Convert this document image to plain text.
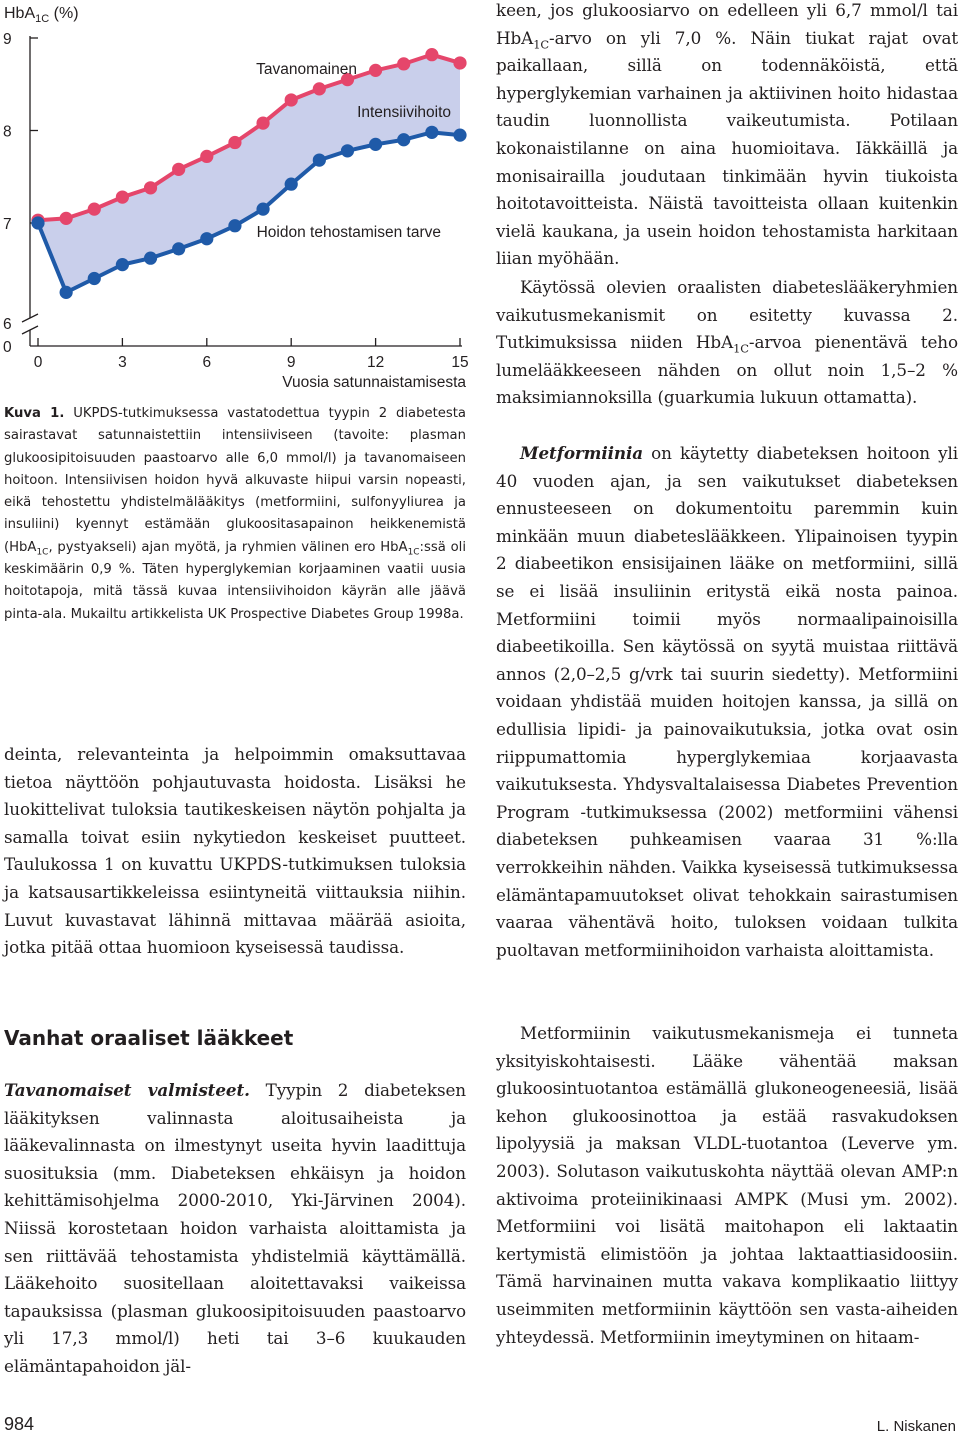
0	3	6	9	12	15
6
7
8
9
HbA$_{1C}$ (%)
0
Tavanomainen
Intensiivihoito
Hoidon tehostamisen tarve
Vuosia satunnaistamisesta

Kuva 1. UKPDS-tutkimuksessa vastatodettua tyypin 2 diabetesta sairastavat satunnaistettiin intensiiviseen (tavoite: plasman glukoosipitoisuuden paastoarvo alle 6,0 mmol/l) ja tavanomaiseen hoitoon. Intensiivisen hoidon hyvä alkuvaste hiipui varsin nopeasti, eikä tehostettu yhdistelmälääkitys (metformiini, sulfonyyliurea ja insuliini) kyennyt estämään glukoositasapainon heikkenemistä (HbA$_{1C}$, pystyakseli) ajan myötä, ja ryhmien välinen ero HbA$_{1C}$:ssä oli keskimäärin 0,9 %. Täten hyperglykemian korjaaminen vaatii uusia hoitotapoja, mitä tässä kuvaa intensiivihoidon käyrän alle jäävä pinta-ala. Mukailtu artikkelista UK Prospective Diabetes Group 1998a.

deinta, relevanteinta ja helpoimmin omaksuttavaa tietoa näyttöön pohjautuvasta hoidosta. Lisäksi he luokittelivat tuloksia tautikeskeisen näytön pohjalta ja samalla toivat esiin nykytiedon keskeiset puutteet. Taulukossa 1 on kuvattu UKPDS-tutkimuksen tuloksia ja katsausartikkeleissa esiintyneitä viittauksia niihin. Luvut kuvastavat lähinnä mittavaa määrää asioita, jotka pitää ottaa huomioon kyseisessä taudissa.

Vanhat oraaliset lääkkeet

Tavanomaiset valmisteet. Tyypin 2 diabeteksen lääkityksen valinnasta aloitusaiheista ja lääkevalinnasta on ilmestynyt useita hyvin laadittuja suosituksia (mm. Diabeteksen ehkäisyn ja hoidon kehittämisohjelma 2000-2010, Yki-Järvinen 2004). Niissä korostetaan hoidon varhaista aloittamista ja sen riittävää tehostamista yhdistelmiä käyttämällä. Lääkehoito suositellaan aloitettavaksi vaikeissa tapauksissa (plasman glukoosipitoisuuden paastoarvo yli 17,3 mmol/l) heti tai 3–6 kuukauden elämäntapahoidon jäl-

keen, jos glukoosiarvo on edelleen yli 6,7 mmol/l tai HbA$_{1C}$-arvo on yli 7,0 %. Näin tiukat rajat ovat paikallaan, sillä on todennäköistä, että hyperglykemian varhainen ja aktiivinen hoito hidastaa taudin luonnollista vaikeutumista. Potilaan kokonaistilanne on aina huomioitava. Iäkkäillä ja monisairailla joudutaan tinkimään hyvin tiukoista hoitotavoitteista. Näistä tavoitteista ollaan kuitenkin vielä kaukana, ja usein hoidon tehostamista harkitaan liian myöhään.

Käytössä olevien oraalisten diabeteslääkeryhmien vaikutusmekanismit on esitetty kuvassa 2. Tutkimuksissa niiden HbA$_{1C}$-arvoa pienentävä teho lumelääkkeeseen nähden on ollut noin 1,5–2 % maksimiannoksilla (guarkumia lukuun ottamatta).

Metformiinia on käytetty diabeteksen hoitoon yli 40 vuoden ajan, ja sen vaikutukset diabeteksen ennusteeseen on dokumentoitu paremmin kuin minkään muun diabeteslääkkeen. Ylipainoisen tyypin 2 diabeetikon ensisijainen lääke on metformiini, sillä se ei lisää insuliinin eritystä eikä nosta painoa. Metformiini toimii myös normaalipainoisilla diabeetikoilla. Sen käytössä on syytä muistaa riittävä annos (2,0–2,5 g/vrk tai suurin siedetty). Metformiini voidaan yhdistää muiden hoitojen kanssa, ja sillä on edullisia lipidi- ja painovaikutuksia, jotka ovat osin riippumattomia hyperglykemiaa korjaavasta vaikutuksesta. Yhdysvaltalaisessa Diabetes Prevention Program -tutkimuksessa (2002) metformiini vähensi diabeteksen puhkeamisen vaaraa 31 %:lla verrokkeihin nähden. Vaikka kyseisessä tutkimuksessa elämäntapamuutokset olivat tehokkain sairastumisen vaaraa vähentävä hoito, tuloksen voidaan tulkita puoltavan metformiinihoidon varhaista aloittamista.

Metformiinin vaikutusmekanismeja ei tunneta yksityiskohtaisesti. Lääke vähentää maksan glukoosintuotantoa estämällä glukoneogeneesiä, lisää kehon glukoosinottoa ja estää rasvakudoksen lipolyysiä ja maksan VLDL-tuotantoa (Leverve ym. 2003). Solutason vaikutuskohta näyttää olevan AMP:n aktivoima proteiinikinaasi AMPK (Musi ym. 2002). Metformiini voi lisätä maitohapon eli laktaatin kertymistä elimistöön ja johtaa laktaattiasidoosiin. Tämä harvinainen mutta vakava komplikaatio liittyy useimmiten metformiinin käyttöön sen vasta-aiheiden yhteydessä. Metformiinin imeytyminen on hitaam-

984	L. Niskanen
